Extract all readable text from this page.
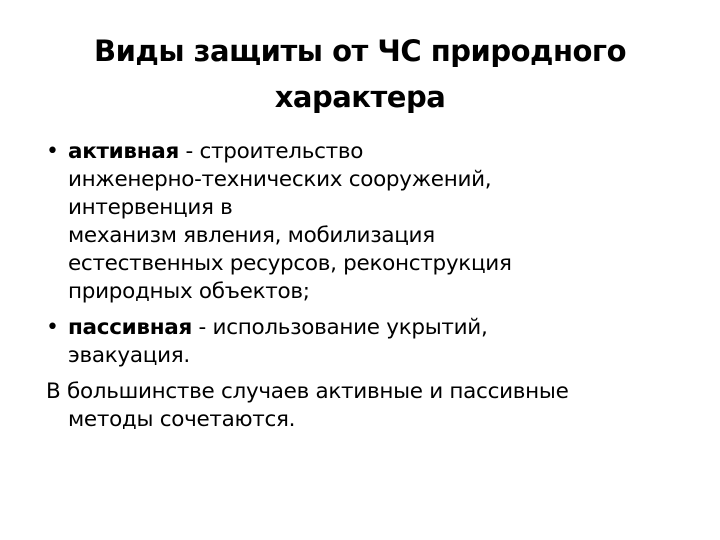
Виды защиты от ЧС природного
характера
• активная - строительство
инженерно-технических сооружений,
интервенция в
механизм явления, мобилизация
естественных ресурсов, реконструкция
природных объектов;
• пассивная - использование укрытий,
эвакуация.
В большинстве случаев активные и пассивные
методы сочетаются.
